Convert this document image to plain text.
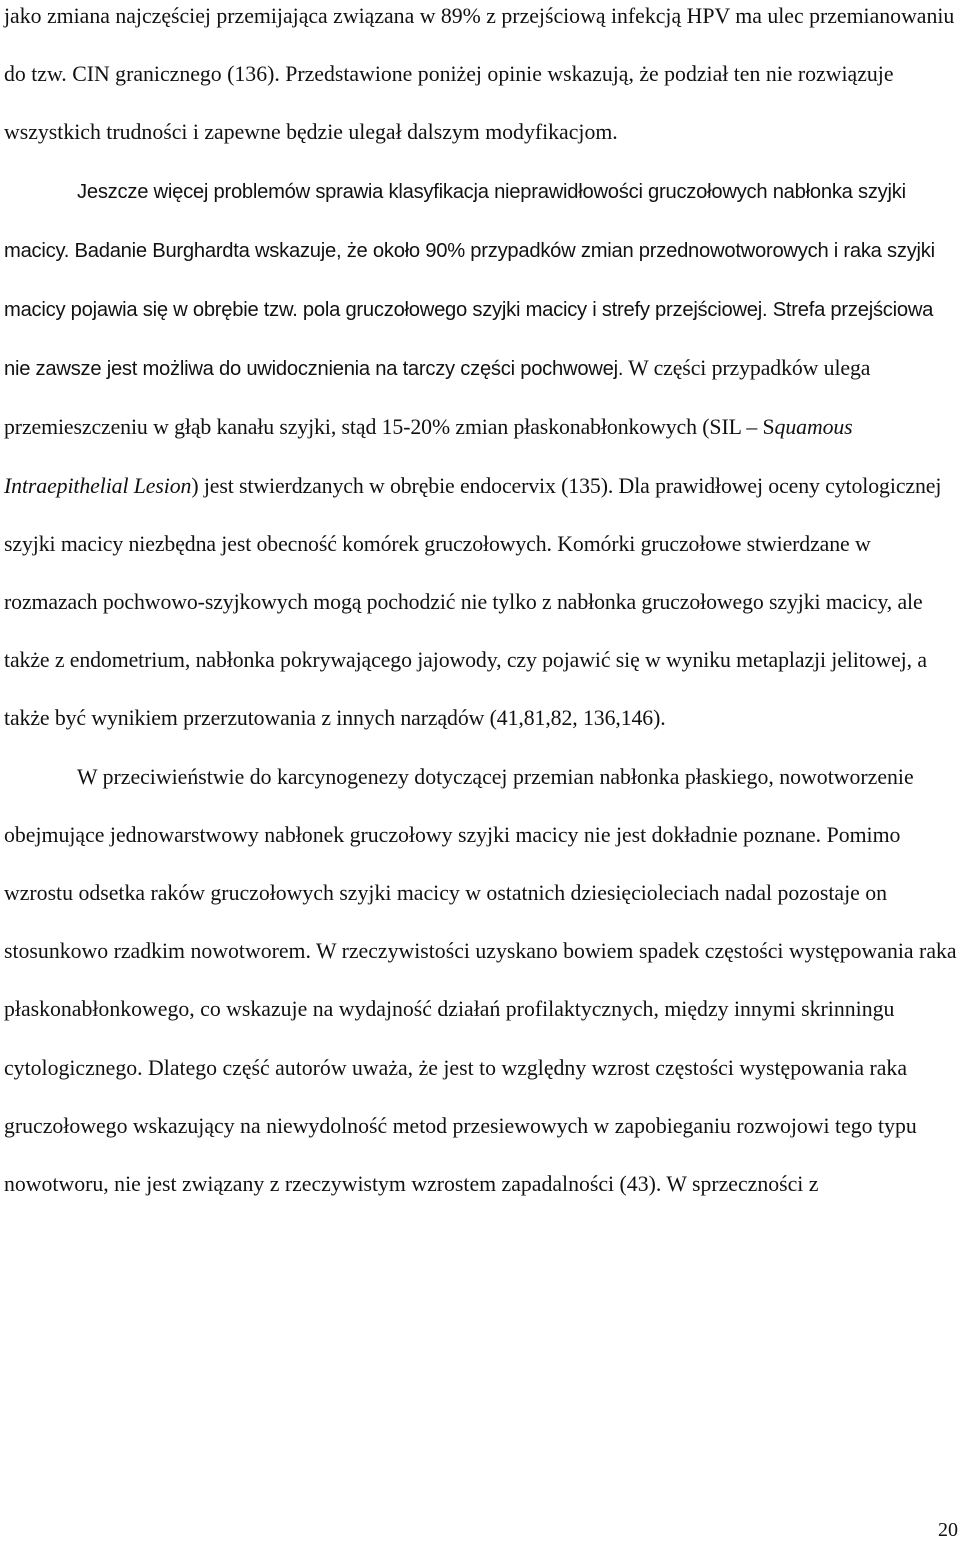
jako zmiana najczęściej przemijająca związana w 89% z przejściową infekcją HPV ma ulec przemianowaniu do tzw. CIN granicznego (136). Przedstawione poniżej opinie wskazują, że podział ten nie rozwiązuje wszystkich trudności i zapewne będzie ulegał dalszym modyfikacjom.

Jeszcze więcej problemów sprawia klasyfikacja nieprawidłowości gruczołowych nabłonka szyjki macicy. Badanie Burghardta wskazuje, że około 90% przypadków zmian przednowotworowych i raka szyjki macicy pojawia się w obrębie tzw. pola gruczołowego szyjki macicy i strefy przejściowej. Strefa przejściowa nie zawsze jest możliwa do uwidocznienia na tarczy części pochwowej. W części przypadków ulega przemieszczeniu w głąb kanału szyjki, stąd 15-20% zmian płaskonabłonkowych (SIL – Squamous Intraepithelial Lesion) jest stwierdzanych w obrębie endocervix (135). Dla prawidłowej oceny cytologicznej szyjki macicy niezbędna jest obecność komórek gruczołowych. Komórki gruczołowe stwierdzane w rozmazach pochwowo-szyjkowych mogą pochodzić nie tylko z nabłonka gruczołowego szyjki macicy, ale także z endometrium, nabłonka pokrywającego jajowody, czy pojawić się w wyniku metaplazji jelitowej, a także być wynikiem przerzutowania z innych narządów (41,81,82, 136,146).

W przeciwieństwie do karcynogenezy dotyczącej przemian nabłonka płaskiego, nowotworzenie obejmujące jednowarstwowy nabłonek gruczołowy szyjki macicy nie jest dokładnie poznane. Pomimo wzrostu odsetka raków gruczołowych szyjki macicy w ostatnich dziesięcioleciach nadal pozostaje on stosunkowo rzadkim nowotworem. W rzeczywistości uzyskano bowiem spadek częstości występowania raka płaskonabłonkowego, co wskazuje na wydajność działań profilaktycznych, między innymi skrinningu cytologicznego. Dlatego część autorów uważa, że jest to względny wzrost częstości występowania raka gruczołowego wskazujący na niewydolność metod przesiewowych w zapobieganiu rozwojowi tego typu nowotworu, nie jest związany z rzeczywistym wzrostem zapadalności (43). W sprzeczności z

20
